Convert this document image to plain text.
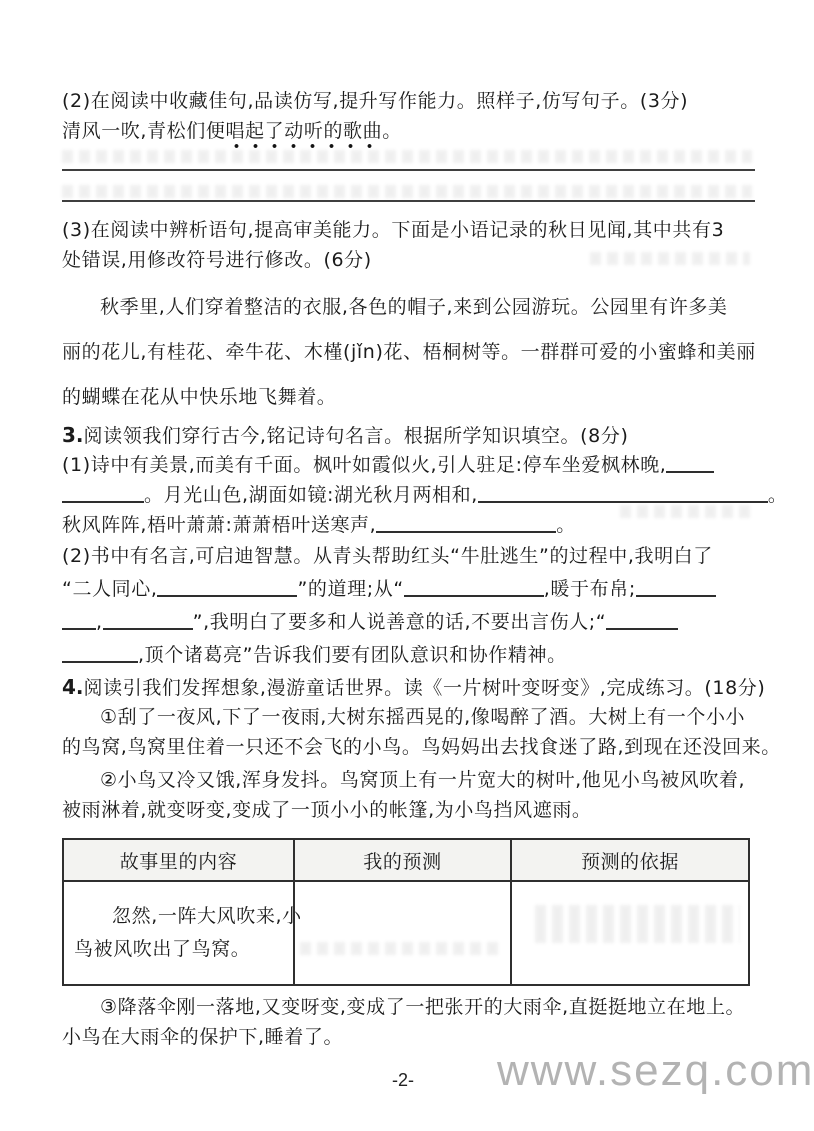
(2)在阅读中收藏佳句,品读仿写,提升写作能力。照样子,仿写句子。(3分)
清风一吹,青松们便唱起了动听的歌曲。
(3)在阅读中辨析语句,提高审美能力。下面是小语记录的秋日见闻,其中共有3
处错误,用修改符号进行修改。(6分)
秋季里,人们穿着整洁的衣服,各色的帽子,来到公园游玩。公园里有许多美
丽的花儿,有桂花、牵牛花、木槿(jǐn)花、梧桐树等。一群群可爱的小蜜蜂和美丽
的蝴蝶在花从中快乐地飞舞着。
3.阅读领我们穿行古今,铭记诗句名言。根据所学知识填空。(8分)
(1)诗中有美景,而美有千面。枫叶如霞似火,引人驻足:停车坐爱枫林晚,
。月光山色,湖面如镜:湖光秋月两相和,	。
秋风阵阵,梧叶萧萧:萧萧梧叶送寒声,	。
(2)书中有名言,可启迪智慧。从青头帮助红头“牛肚逃生”的过程中,我明白了
“二人同心,	”的道理;从“	,暖于布帛;
,	”,我明白了要多和人说善意的话,不要出言伤人;“
,顶个诸葛亮”告诉我们要有团队意识和协作精神。
4.阅读引我们发挥想象,漫游童话世界。读《一片树叶变呀变》,完成练习。(18分)
①刮了一夜风,下了一夜雨,大树东摇西晃的,像喝醉了酒。大树上有一个小小
的鸟窝,鸟窝里住着一只还不会飞的小鸟。鸟妈妈出去找食迷了路,到现在还没回来。
②小鸟又冷又饿,浑身发抖。鸟窝顶上有一片宽大的树叶,他见小鸟被风吹着,
被雨淋着,就变呀变,变成了一顶小小的帐篷,为小鸟挡风遮雨。
故事里的内容	我的预测	预测的依据

忽然,一阵大风吹来,小
鸟被风吹出了鸟窝。		

③降落伞刚一落地,又变呀变,变成了一把张开的大雨伞,直挺挺地立在地上。
小鸟在大雨伞的保护下,睡着了。
-2-	www.sezq.com
